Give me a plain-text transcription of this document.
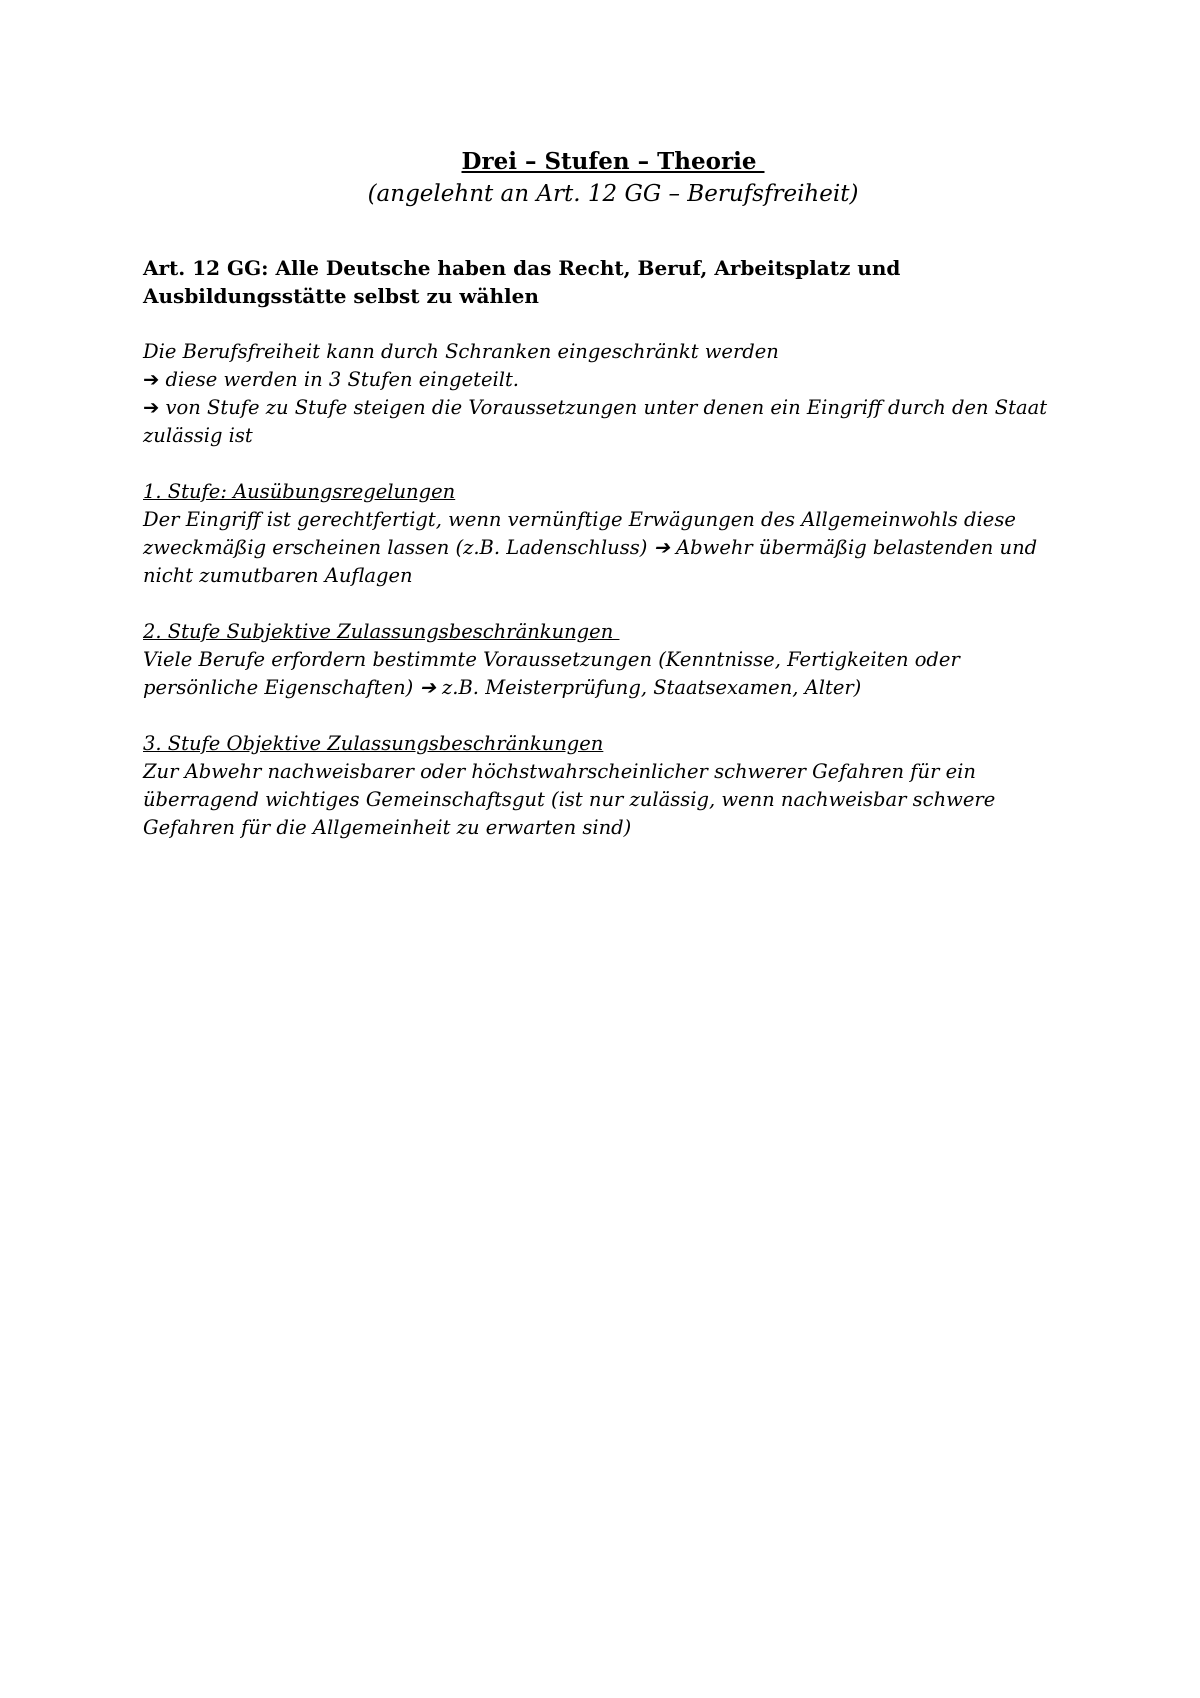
Drei – Stufen – Theorie
(angelehnt an Art. 12 GG – Berufsfreiheit)
Art. 12 GG: Alle Deutsche haben das Recht, Beruf, Arbeitsplatz und
Ausbildungsstätte selbst zu wählen
Die Berufsfreiheit kann durch Schranken eingeschränkt werden
➔ diese werden in 3 Stufen eingeteilt.
➔ von Stufe zu Stufe steigen die Voraussetzungen unter denen ein Eingriff durch den Staat
zulässig ist
1. Stufe: Ausübungsregelungen
Der Eingriff ist gerechtfertigt, wenn vernünftige Erwägungen des Allgemeinwohls diese
zweckmäßig erscheinen lassen (z.B. Ladenschluss) ➔ Abwehr übermäßig belastenden und
nicht zumutbaren Auflagen
2. Stufe Subjektive Zulassungsbeschränkungen
Viele Berufe erfordern bestimmte Voraussetzungen (Kenntnisse, Fertigkeiten oder
persönliche Eigenschaften) ➔ z.B. Meisterprüfung, Staatsexamen, Alter)
3. Stufe Objektive Zulassungsbeschränkungen
Zur Abwehr nachweisbarer oder höchstwahrscheinlicher schwerer Gefahren für ein
überragend wichtiges Gemeinschaftsgut (ist nur zulässig, wenn nachweisbar schwere
Gefahren für die Allgemeinheit zu erwarten sind)
